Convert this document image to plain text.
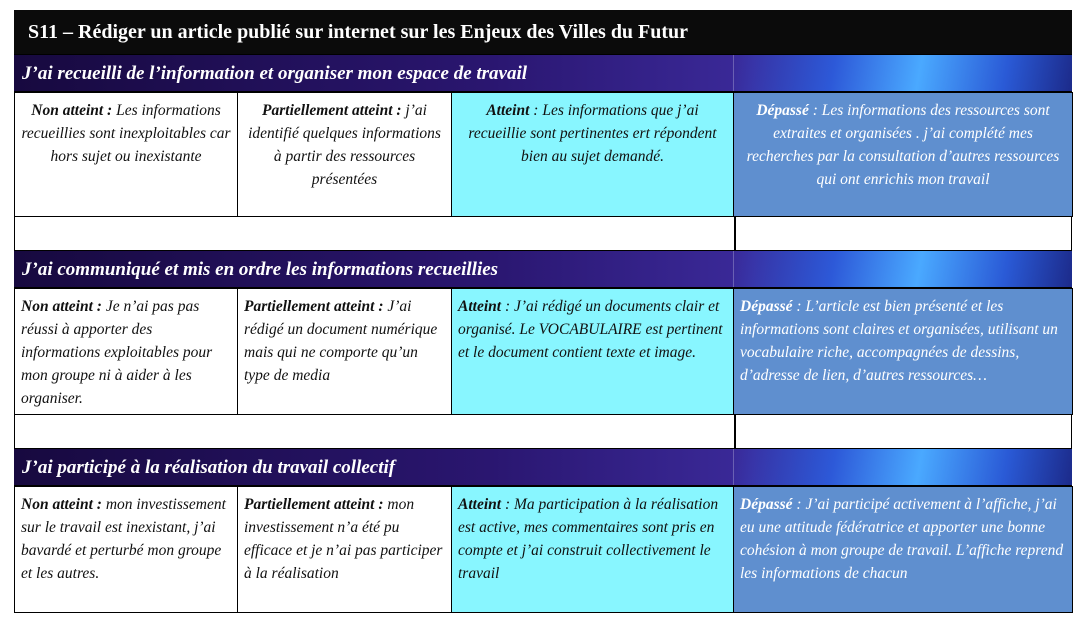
S11 – Rédiger un article publié sur internet sur les Enjeux des Villes du Futur
J’ai recueilli de l’information et organiser mon espace de travail
Non atteint : Les informations recueillies sont inexploitables car hors sujet ou inexistante	Partiellement atteint : j’ai identifié quelques informations à partir des ressources présentées	Atteint : Les informations que j’ai recueillie sont pertinentes ert répondent bien au sujet demandé.	Dépassé : Les informations des ressources sont extraites et organisées . j’ai complété mes recherches par la consultation d’autres ressources qui ont enrichis mon travail
J’ai communiqué et mis en ordre les informations recueillies
Non atteint : Je n’ai pas pas réussi à apporter des informations exploitables pour mon groupe ni à aider à les organiser.	Partiellement atteint : J’ai rédigé un document numérique mais qui ne comporte qu’un type de media	Atteint : J’ai rédigé un documents clair et organisé. Le VOCABULAIRE est pertinent et le document contient texte et image.	Dépassé : L’article est bien présenté et les informations sont claires et organisées, utilisant un vocabulaire riche, accompagnées de dessins, d’adresse de lien, d’autres ressources…
J’ai participé à la réalisation du travail collectif
Non atteint : mon investissement sur le travail est inexistant, j’ai bavardé et perturbé mon groupe et les autres.	Partiellement atteint : mon investissement n’a été pu efficace et je n’ai pas participer à la réalisation	Atteint : Ma participation à la réalisation est active, mes commentaires sont pris en compte et j’ai construit collectivement le travail	Dépassé : J’ai participé activement à l’affiche, j’ai eu une attitude fédératrice et apporter une bonne cohésion à mon groupe de travail. L’affiche reprend les informations de chacun
